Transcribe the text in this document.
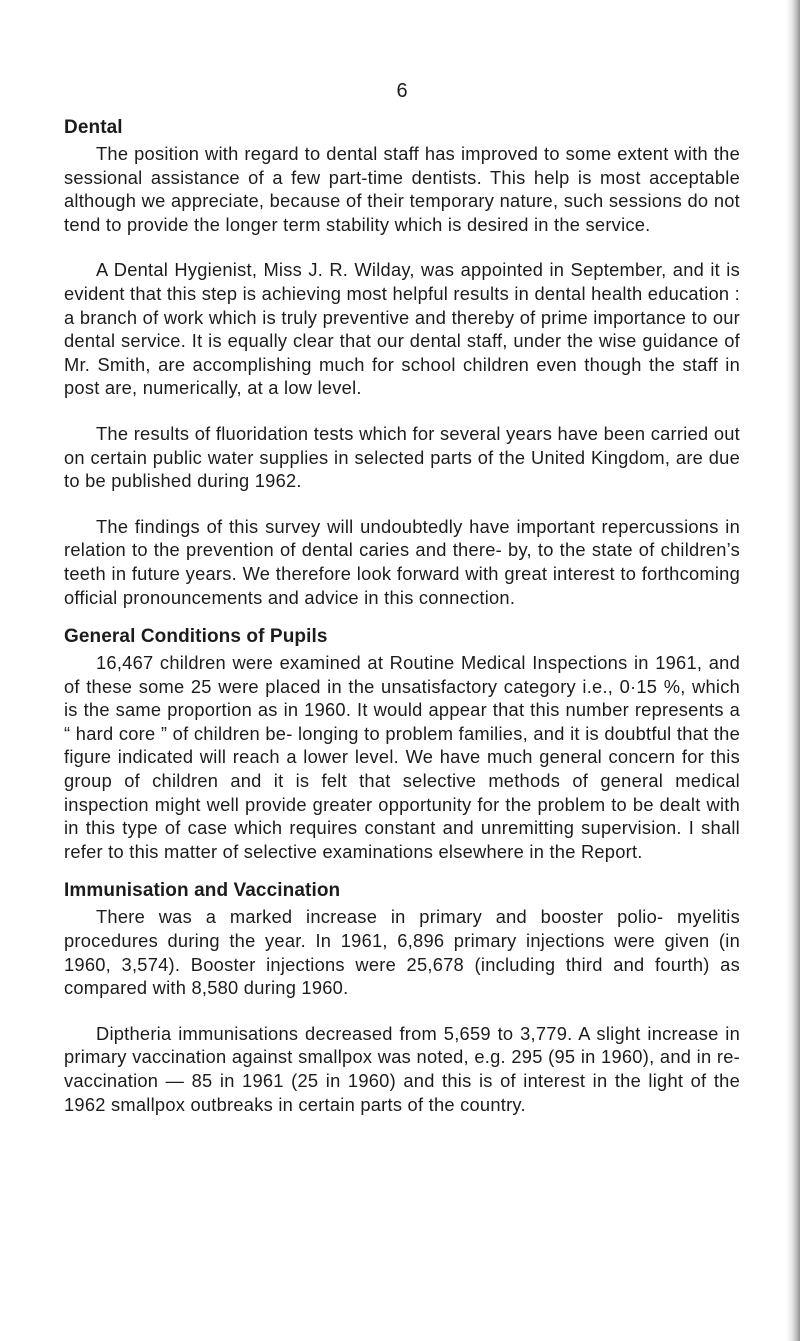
6
Dental

The position with regard to dental staff has improved to some extent with the sessional assistance of a few part-time dentists. This help is most acceptable although we appreciate, because of their temporary nature, such sessions do not tend to provide the longer term stability which is desired in the service.

A Dental Hygienist, Miss J. R. Wilday, was appointed in September, and it is evident that this step is achieving most helpful results in dental health education : a branch of work which is truly preventive and thereby of prime importance to our dental service. It is equally clear that our dental staff, under the wise guidance of Mr. Smith, are accomplishing much for school children even though the staff in post are, numerically, at a low level.

The results of fluoridation tests which for several years have been carried out on certain public water supplies in selected parts of the United Kingdom, are due to be published during 1962.

The findings of this survey will undoubtedly have important repercussions in relation to the prevention of dental caries and there- by, to the state of children’s teeth in future years. We therefore look forward with great interest to forthcoming official pronouncements and advice in this connection.

General Conditions of Pupils

16,467 children were examined at Routine Medical Inspections in 1961, and of these some 25 were placed in the unsatisfactory category i.e., 0·15 %, which is the same proportion as in 1960. It would appear that this number represents a “ hard core ” of children be- longing to problem families, and it is doubtful that the figure indicated will reach a lower level. We have much general concern for this group of children and it is felt that selective methods of general medical inspection might well provide greater opportunity for the problem to be dealt with in this type of case which requires constant and unremitting supervision. I shall refer to this matter of selective examinations elsewhere in the Report.

Immunisation and Vaccination

There was a marked increase in primary and booster polio- myelitis procedures during the year. In 1961, 6,896 primary injections were given (in 1960, 3,574). Booster injections were 25,678 (including third and fourth) as compared with 8,580 during 1960.

Diptheria immunisations decreased from 5,659 to 3,779. A slight increase in primary vaccination against smallpox was noted, e.g. 295 (95 in 1960), and in re-vaccination — 85 in 1961 (25 in 1960) and this is of interest in the light of the 1962 smallpox outbreaks in certain parts of the country.
